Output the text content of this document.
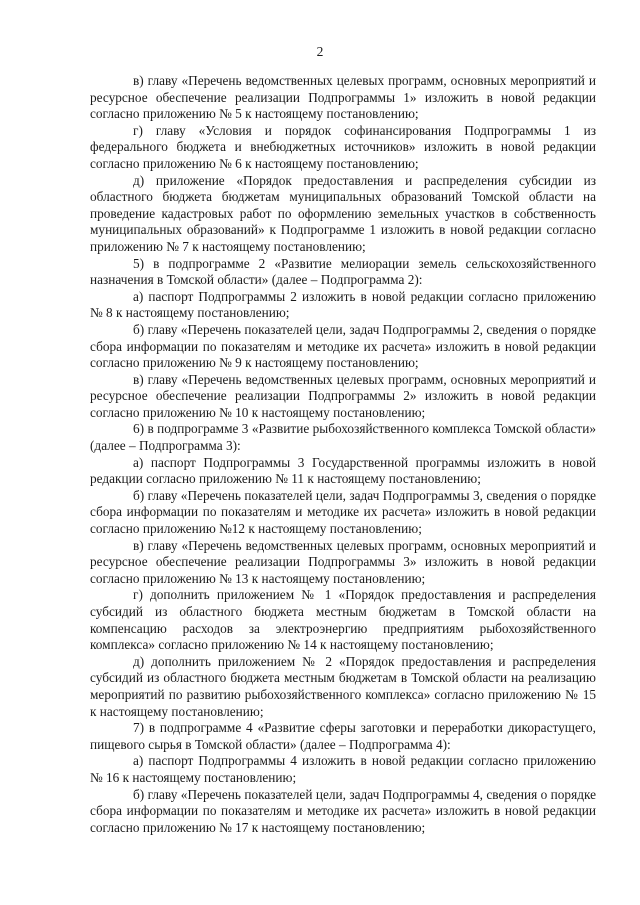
2

в) главу «Перечень ведомственных целевых программ, основных мероприятий и ресурсное обеспечение реализации Подпрограммы 1» изложить в новой редакции согласно приложению № 5 к настоящему постановлению;

г) главу «Условия и порядок софинансирования Подпрограммы 1 из федерального бюджета и внебюджетных источников» изложить в новой редакции согласно приложению № 6 к настоящему постановлению;

д) приложение «Порядок предоставления и распределения субсидии из областного бюджета бюджетам муниципальных образований Томской области на проведение кадастровых работ по оформлению земельных участков в собственность муниципальных образований» к Подпрограмме 1 изложить в новой редакции согласно приложению № 7 к настоящему постановлению;

5) в подпрограмме 2 «Развитие мелиорации земель сельскохозяйственного назначения в Томской области» (далее – Подпрограмма 2):

а) паспорт Подпрограммы 2 изложить в новой редакции согласно приложению № 8 к настоящему постановлению;

б) главу «Перечень показателей цели, задач Подпрограммы 2, сведения о порядке сбора информации по показателям и методике их расчета» изложить в новой редакции согласно приложению № 9 к настоящему постановлению;

в) главу «Перечень ведомственных целевых программ, основных мероприятий и ресурсное обеспечение реализации Подпрограммы 2» изложить в новой редакции согласно приложению № 10 к настоящему постановлению;

6) в подпрограмме 3 «Развитие рыбохозяйственного комплекса Томской области» (далее – Подпрограмма 3):

а) паспорт Подпрограммы 3 Государственной программы изложить в новой редакции согласно приложению № 11 к настоящему постановлению;

б) главу «Перечень показателей цели, задач Подпрограммы 3, сведения о порядке сбора информации по показателям и методике их расчета» изложить в новой редакции согласно приложению №12 к настоящему постановлению;

в) главу «Перечень ведомственных целевых программ, основных мероприятий и ресурсное обеспечение реализации Подпрограммы 3» изложить в новой редакции согласно приложению № 13 к настоящему постановлению;

г) дополнить приложением № 1 «Порядок предоставления и распределения субсидий из областного бюджета местным бюджетам в Томской области на компенсацию расходов за электроэнергию предприятиям рыбохозяйственного комплекса» согласно приложению № 14 к настоящему постановлению;

д) дополнить приложением № 2 «Порядок предоставления и распределения субсидий из областного бюджета местным бюджетам в Томской области на реализацию мероприятий по развитию рыбохозяйственного комплекса» согласно приложению № 15 к настоящему постановлению;

7) в подпрограмме 4 «Развитие сферы заготовки и переработки дикорастущего, пищевого сырья в Томской области» (далее – Подпрограмма 4):

а) паспорт Подпрограммы 4 изложить в новой редакции согласно приложению № 16 к настоящему постановлению;

б) главу «Перечень показателей цели, задач Подпрограммы 4, сведения о порядке сбора информации по показателям и методике их расчета» изложить в новой редакции согласно приложению № 17 к настоящему постановлению;
